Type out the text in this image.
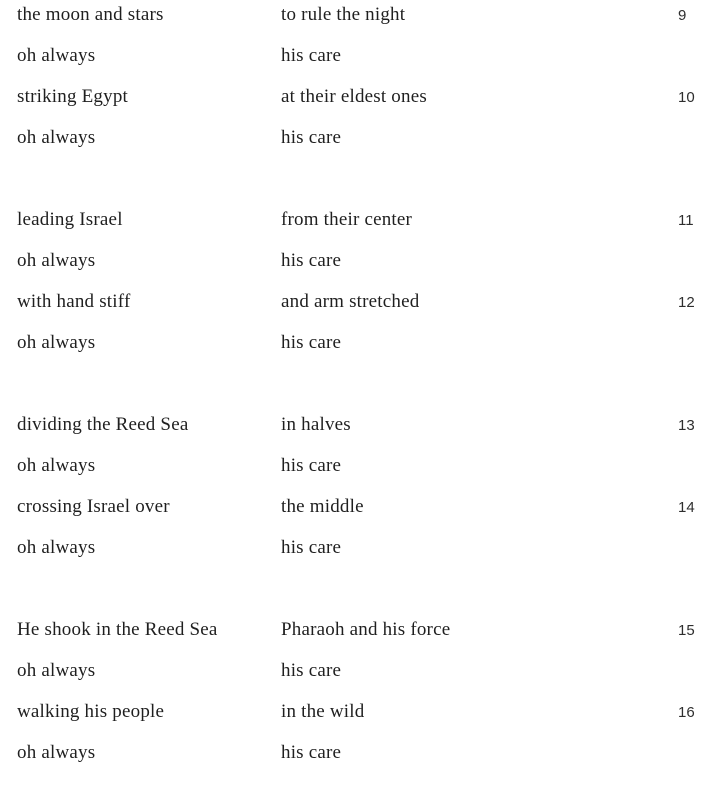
the moon and stars	to rule the night	9
oh always	his care
striking Egypt	at their eldest ones	10
oh always	his care
leading Israel	from their center	11
oh always	his care
with hand stiff	and arm stretched	12
oh always	his care
dividing the Reed Sea	in halves	13
oh always	his care
crossing Israel over	the middle	14
oh always	his care
He shook in the Reed Sea	Pharaoh and his force	15
oh always	his care
walking his people	in the wild	16
oh always	his care
